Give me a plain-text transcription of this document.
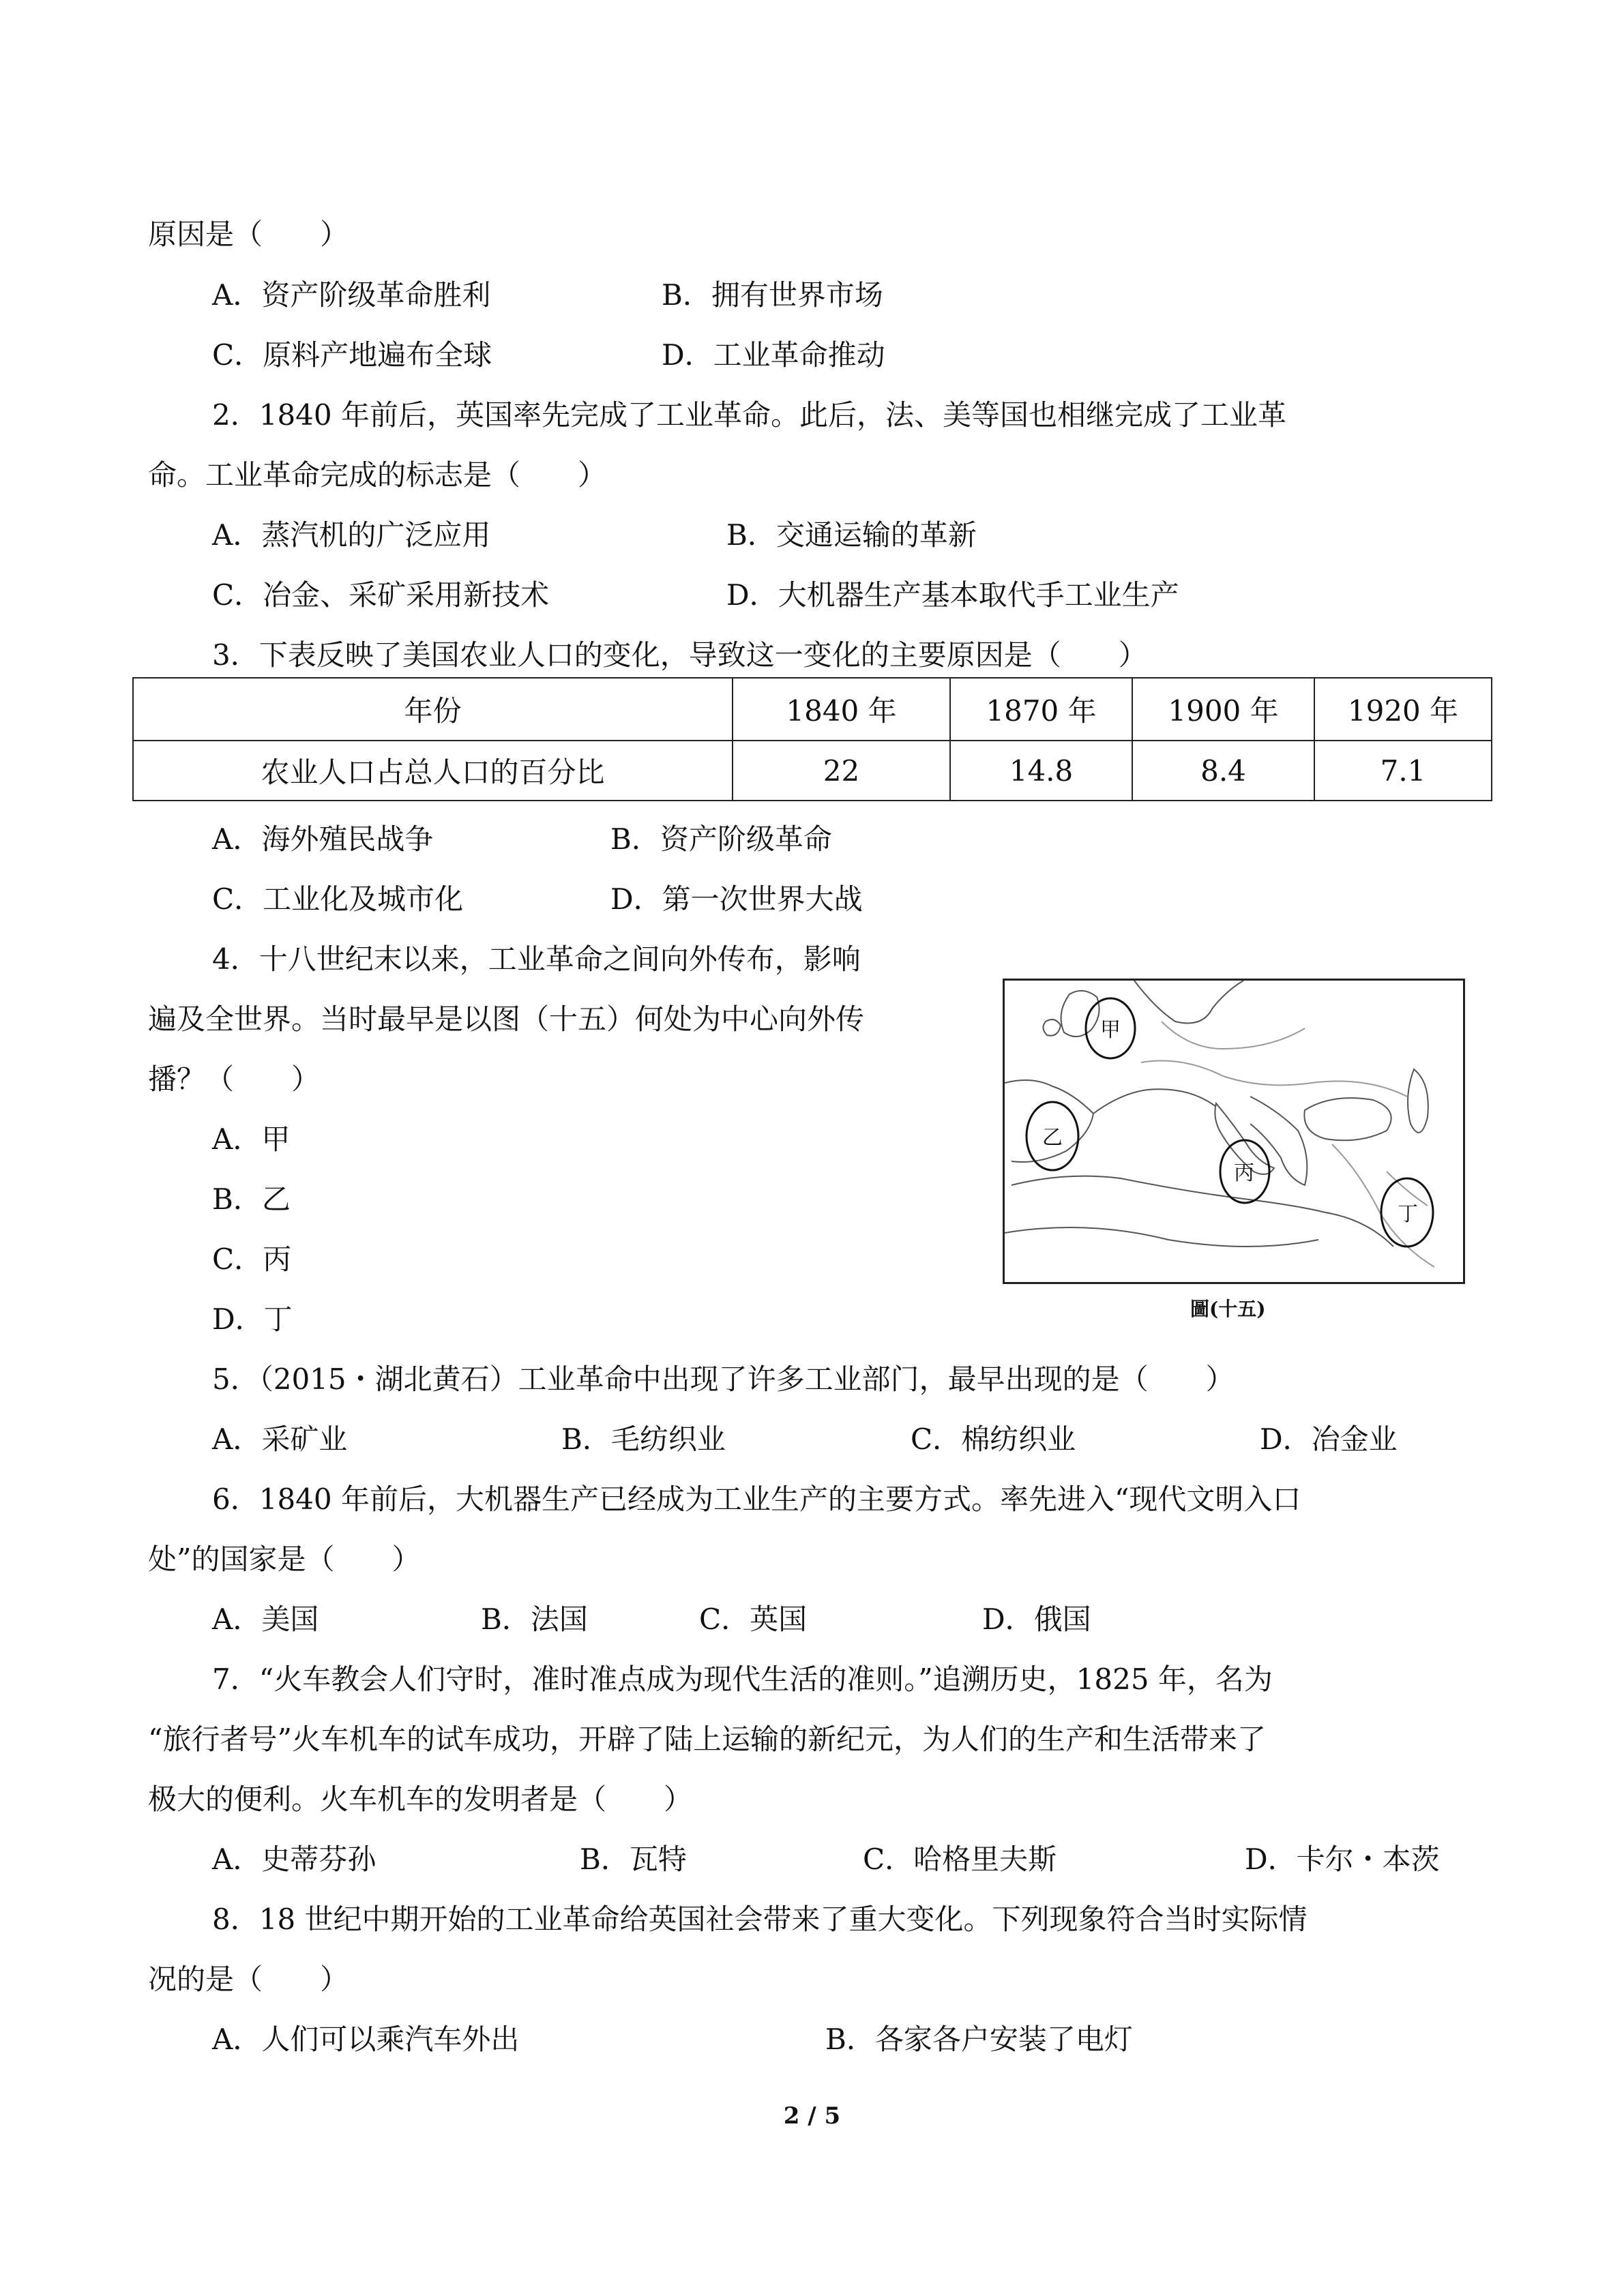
原因是（　　）
A．资产阶级革命胜利	B．拥有世界市场
C．原料产地遍布全球	D．工业革命推动
2．1840 年前后，英国率先完成了工业革命。此后，法、美等国也相继完成了工业革
命。工业革命完成的标志是（　　）
A．蒸汽机的广泛应用	B．交通运输的革新
C．冶金、采矿采用新技术	D．大机器生产基本取代手工业生产
3．下表反映了美国农业人口的变化，导致这一变化的主要原因是（　　）
年份	1840 年	1870 年	1900 年	1920 年
农业人口占总人口的百分比	22	14.8	8.4	7.1
A．海外殖民战争	B．资产阶级革命
C．工业化及城市化	D．第一次世界大战
4．十八世纪末以来，工业革命之间向外传布，影响
遍及全世界。当时最早是以图（十五）何处为中心向外传
播？（　　）
A．甲
B．乙
C．丙
D．丁
甲
乙
丙
丁
圖(十五)
5．（2015・湖北黄石）工业革命中出现了许多工业部门，最早出现的是（　　）
A．采矿业	B．毛纺织业	C．棉纺织业	D．冶金业
6．1840 年前后，大机器生产已经成为工业生产的主要方式。率先进入“现代文明入口
处”的国家是（　　）
A．美国	B．法国	C．英国	D．俄国
7．“火车教会人们守时，准时准点成为现代生活的准则。”追溯历史，1825 年，名为
“旅行者号”火车机车的试车成功，开辟了陆上运输的新纪元，为人们的生产和生活带来了
极大的便利。火车机车的发明者是（　　）
A．史蒂芬孙	B．瓦特	C．哈格里夫斯	D．卡尔・本茨
8．18 世纪中期开始的工业革命给英国社会带来了重大变化。下列现象符合当时实际情
况的是（　　）
A．人们可以乘汽车外出	B．各家各户安装了电灯
2 / 5
